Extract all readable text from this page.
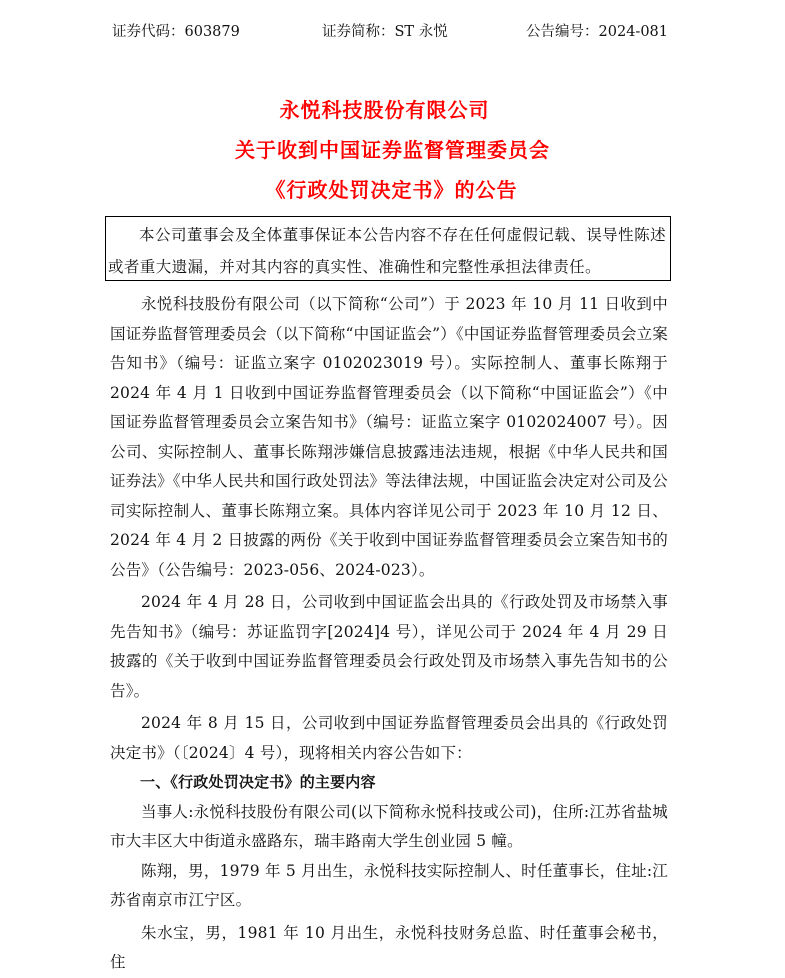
证券代码：603879	证券简称：ST 永悦	公告编号：2024-081
永悦科技股份有限公司
关于收到中国证券监督管理委员会
《行政处罚决定书》的公告

本公司董事会及全体董事保证本公告内容不存在任何虚假记载、误导性陈述或者重大遗漏，并对其内容的真实性、准确性和完整性承担法律责任。

永悦科技股份有限公司（以下简称“公司”）于 2023 年 10 月 11 日收到中国证券监督管理委员会（以下简称“中国证监会”）《中国证券监督管理委员会立案告知书》（编号：证监立案字 0102023019 号）。实际控制人、董事长陈翔于 2024 年 4 月 1 日收到中国证券监督管理委员会（以下简称“中国证监会”）《中国证券监督管理委员会立案告知书》（编号：证监立案字 0102024007 号）。因公司、实际控制人、董事长陈翔涉嫌信息披露违法违规，根据《中华人民共和国证券法》《中华人民共和国行政处罚法》等法律法规，中国证监会决定对公司及公司实际控制人、董事长陈翔立案。具体内容详见公司于 2023 年 10 月 12 日、2024 年 4 月 2 日披露的两份《关于收到中国证券监督管理委员会立案告知书的公告》（公告编号：2023-056、2024-023）。

2024 年 4 月 28 日，公司收到中国证监会出具的《行政处罚及市场禁入事先告知书》（编号：苏证监罚字[2024]4 号），详见公司于 2024 年 4 月 29 日披露的《关于收到中国证券监督管理委员会行政处罚及市场禁入事先告知书的公告》。

2024 年 8 月 15 日，公司收到中国证券监督管理委员会出具的《行政处罚决定书》（〔2024〕4 号），现将相关内容公告如下：

一、《行政处罚决定书》的主要内容

当事人:永悦科技股份有限公司(以下简称永悦科技或公司)，住所:江苏省盐城市大丰区大中街道永盛路东，瑞丰路南大学生创业园 5 幢。

陈翔，男，1979 年 5 月出生，永悦科技实际控制人、时任董事长，住址:江苏省南京市江宁区。

朱水宝，男，1981 年 10 月出生，永悦科技财务总监、时任董事会秘书，住
